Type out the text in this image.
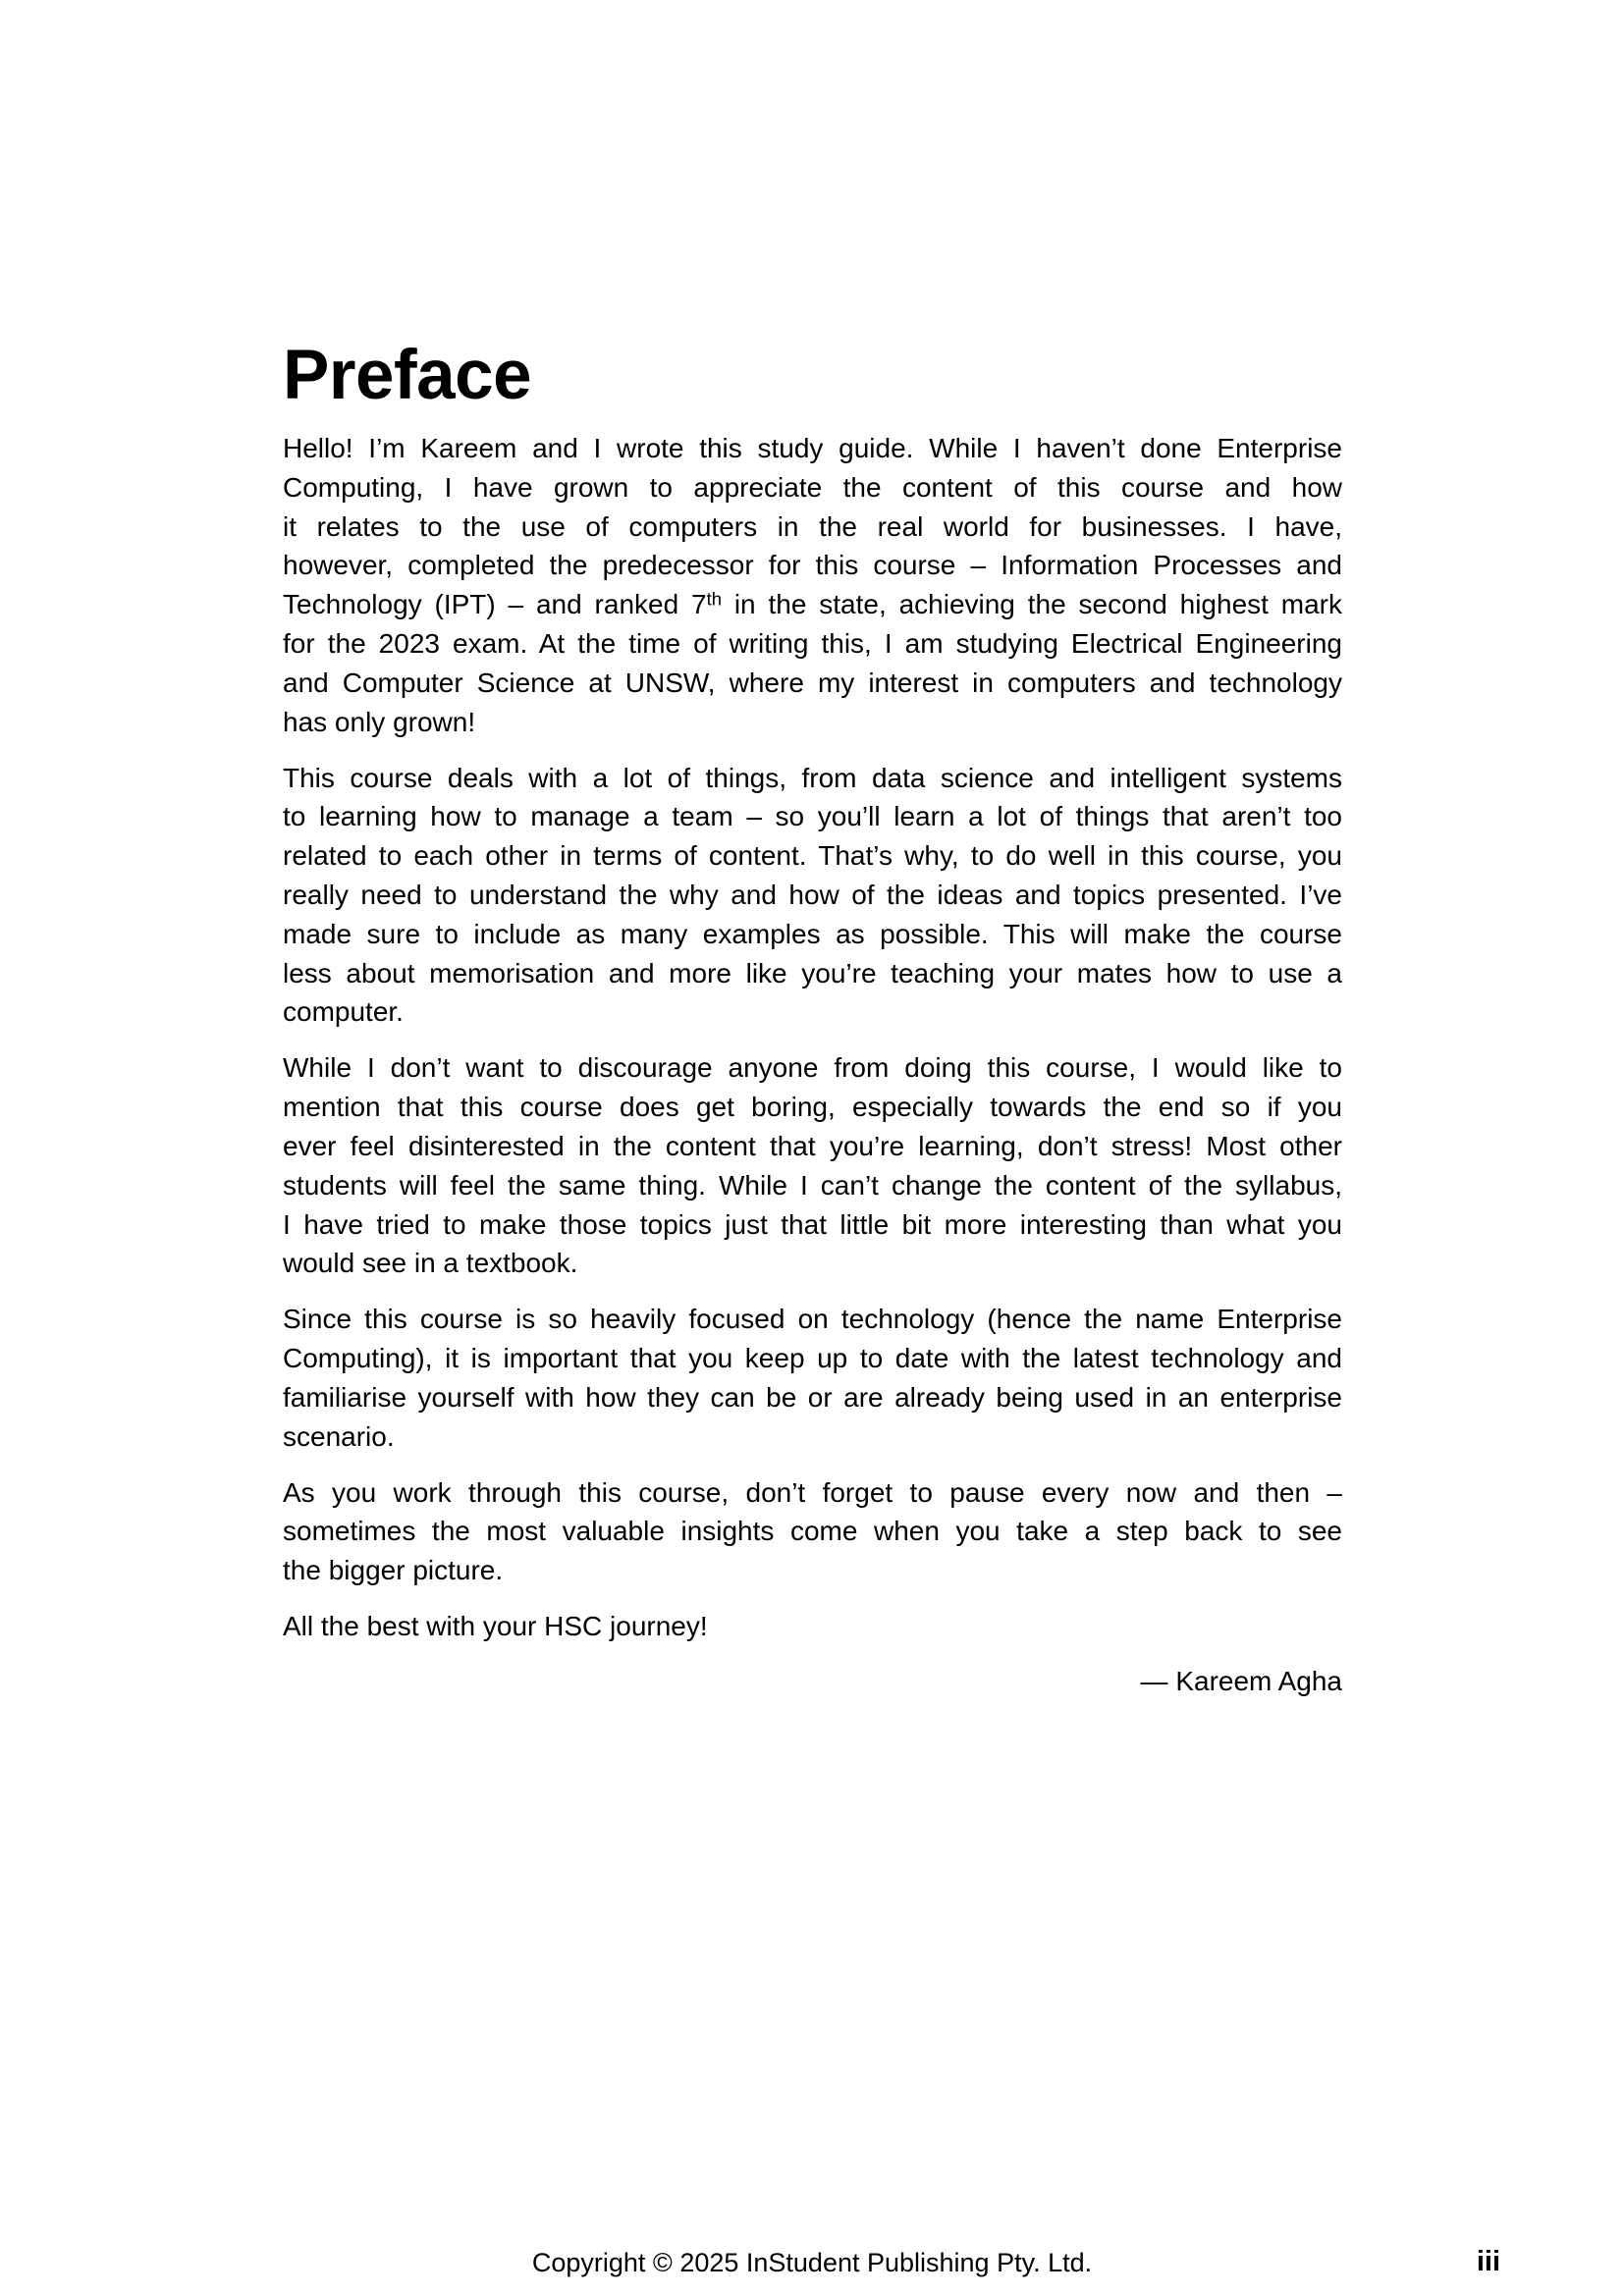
Preface
Hello! I’m Kareem and I wrote this study guide. While I haven’t done Enterprise
Computing, I have grown to appreciate the content of this course and how
it relates to the use of computers in the real world for businesses. I have,
however, completed the predecessor for this course – Information Processes and
Technology (IPT) – and ranked 7th in the state, achieving the second highest mark
for the 2023 exam. At the time of writing this, I am studying Electrical Engineering
and Computer Science at UNSW, where my interest in computers and technology
has only grown!
This course deals with a lot of things, from data science and intelligent systems
to learning how to manage a team – so you’ll learn a lot of things that aren’t too
related to each other in terms of content. That’s why, to do well in this course, you
really need to understand the why and how of the ideas and topics presented. I’ve
made sure to include as many examples as possible. This will make the course
less about memorisation and more like you’re teaching your mates how to use a
computer.
While I don’t want to discourage anyone from doing this course, I would like to
mention that this course does get boring, especially towards the end so if you
ever feel disinterested in the content that you’re learning, don’t stress! Most other
students will feel the same thing. While I can’t change the content of the syllabus,
I have tried to make those topics just that little bit more interesting than what you
would see in a textbook.
Since this course is so heavily focused on technology (hence the name Enterprise
Computing), it is important that you keep up to date with the latest technology and
familiarise yourself with how they can be or are already being used in an enterprise
scenario.
As you work through this course, don’t forget to pause every now and then –
sometimes the most valuable insights come when you take a step back to see
the bigger picture.
All the best with your HSC journey!
— Kareem Agha
Copyright © 2025 InStudent Publishing Pty. Ltd.	iii
